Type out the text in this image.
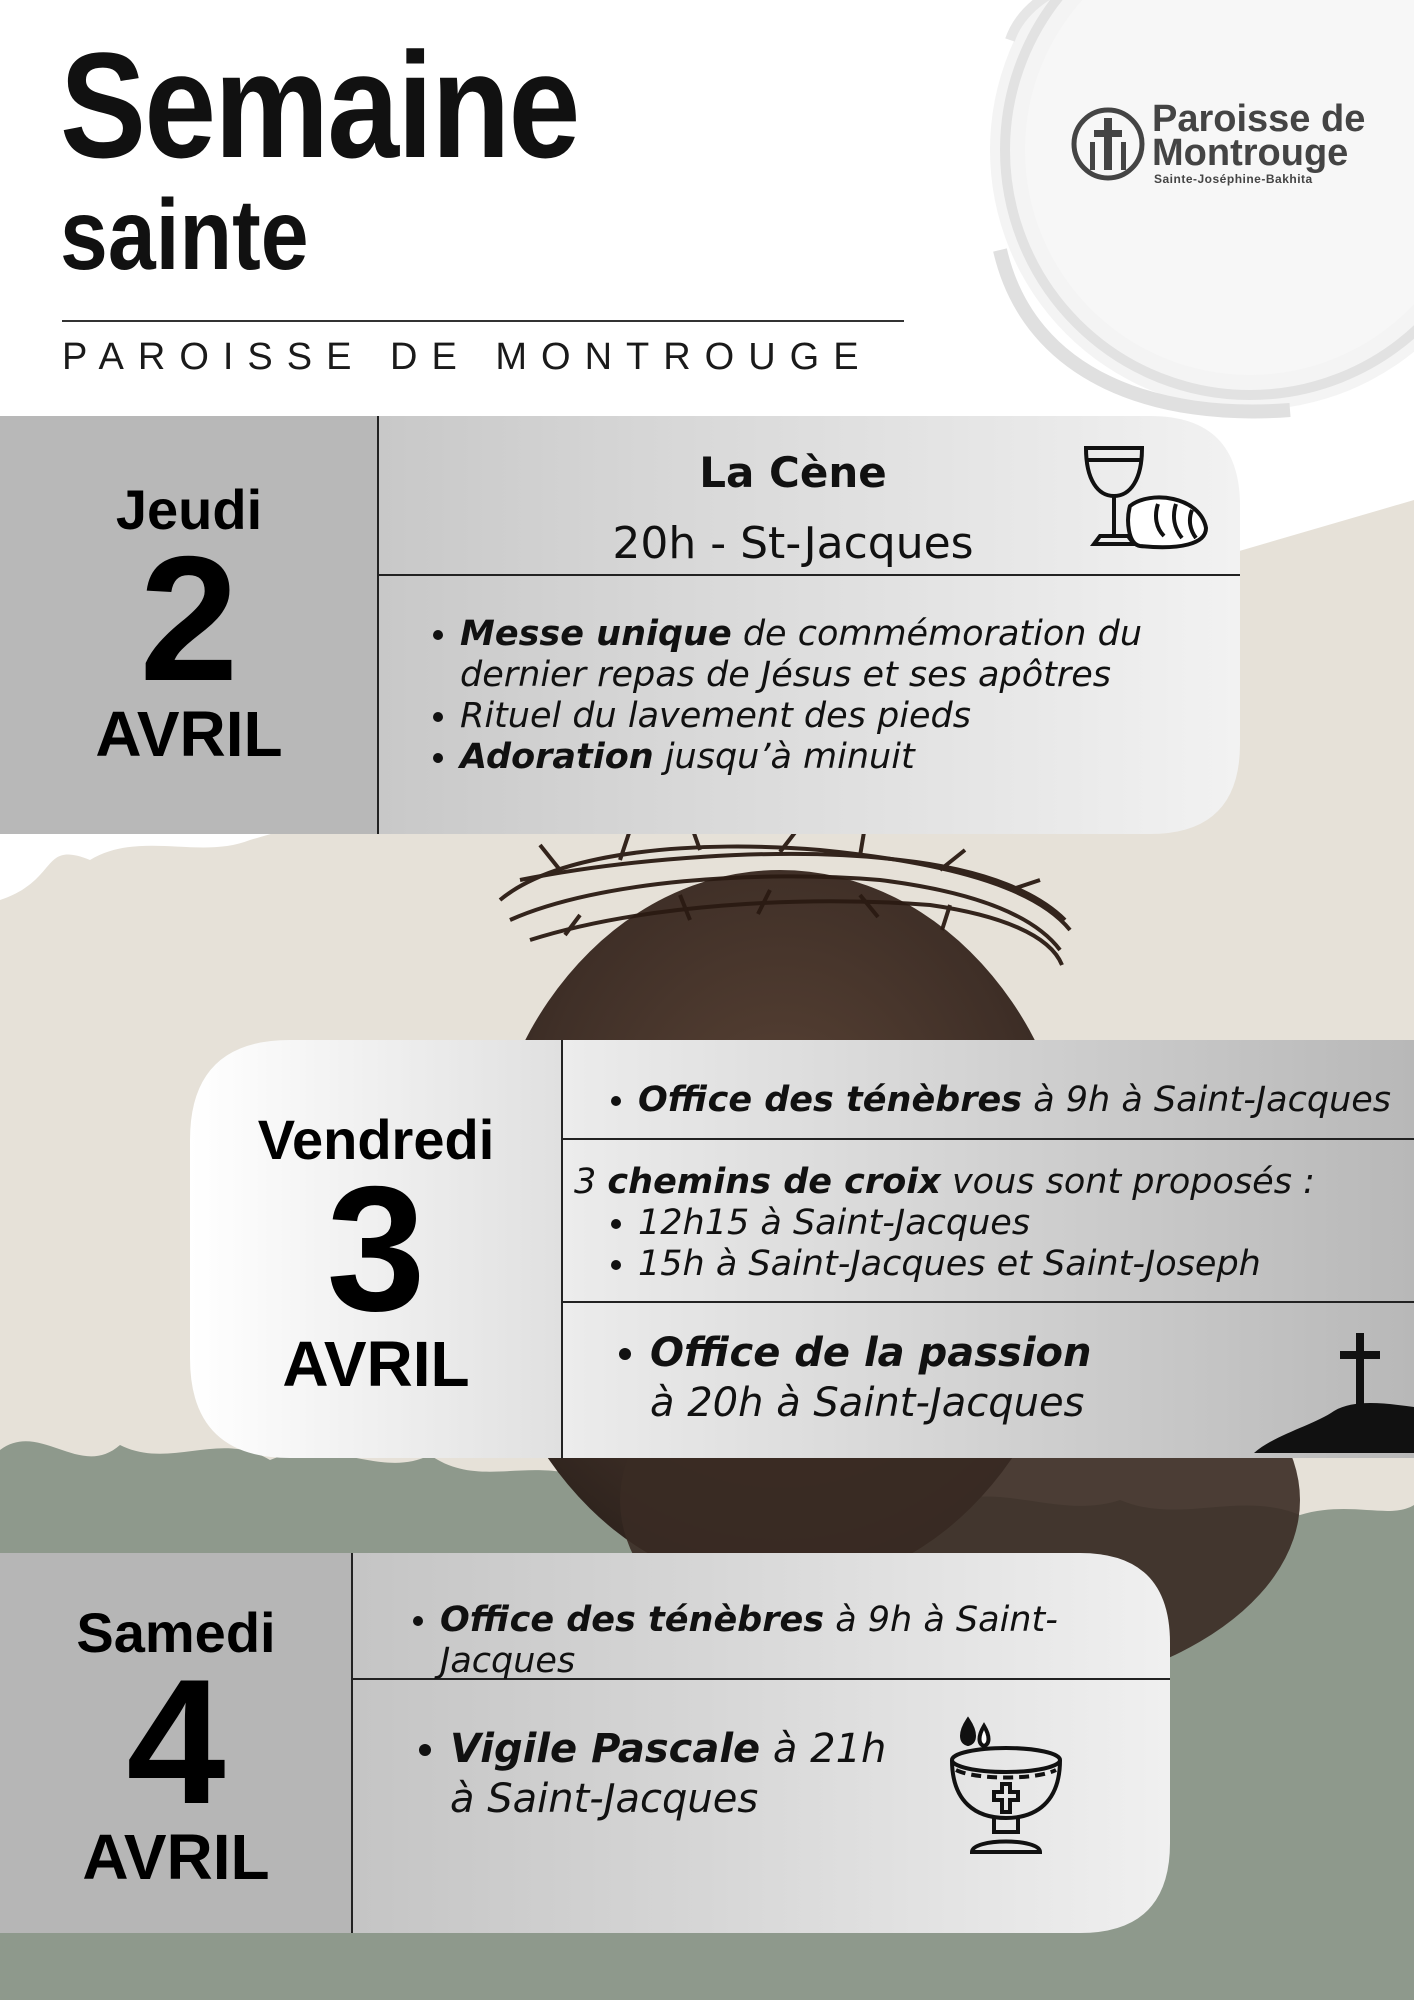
Semaine
sainte
PAROISSE DE MONTROUGE
Paroisse de
Montrouge
Sainte-Joséphine-Bakhita
Jeudi
2
AVRIL
La Cène
20h - St-Jacques
• Messe unique de commémoration du dernier repas de Jésus et ses apôtres
• Rituel du lavement des pieds
• Adoration jusqu’à minuit
Vendredi
3
AVRIL
• Office des ténèbres à 9h à Saint-Jacques
3 chemins de croix vous sont proposés :
• 12h15 à Saint-Jacques
• 15h à Saint-Jacques et Saint-Joseph
• Office de la passion
à 20h à Saint-Jacques
Samedi
4
AVRIL
• Office des ténèbres à 9h à Saint-Jacques
• Vigile Pascale à 21h
à Saint-Jacques
